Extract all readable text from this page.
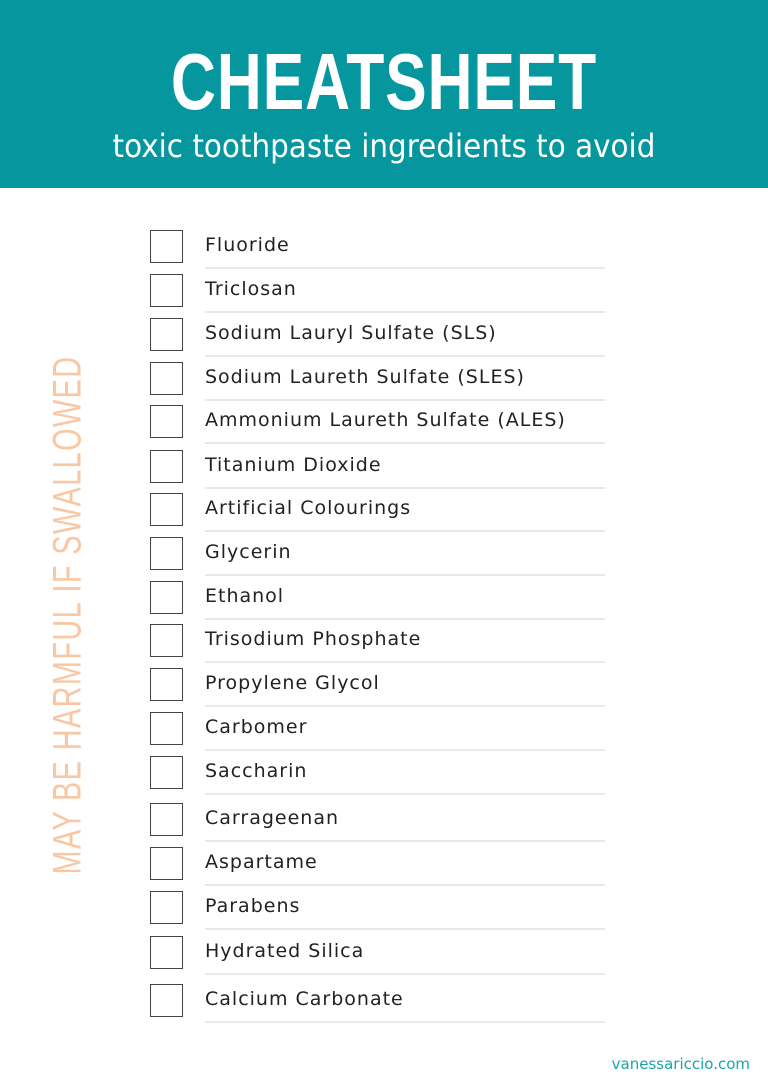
CHEATSHEET
toxic toothpaste ingredients to avoid
MAY BE HARMFUL IF SWALLOWED
Fluoride
Triclosan
Sodium Lauryl Sulfate (SLS)
Sodium Laureth Sulfate (SLES)
Ammonium Laureth Sulfate (ALES)
Titanium Dioxide
Artificial Colourings
Glycerin
Ethanol
Trisodium Phosphate
Propylene Glycol
Carbomer
Saccharin
Carrageenan
Aspartame
Parabens
Hydrated Silica
Calcium Carbonate
vanessariccio.com
